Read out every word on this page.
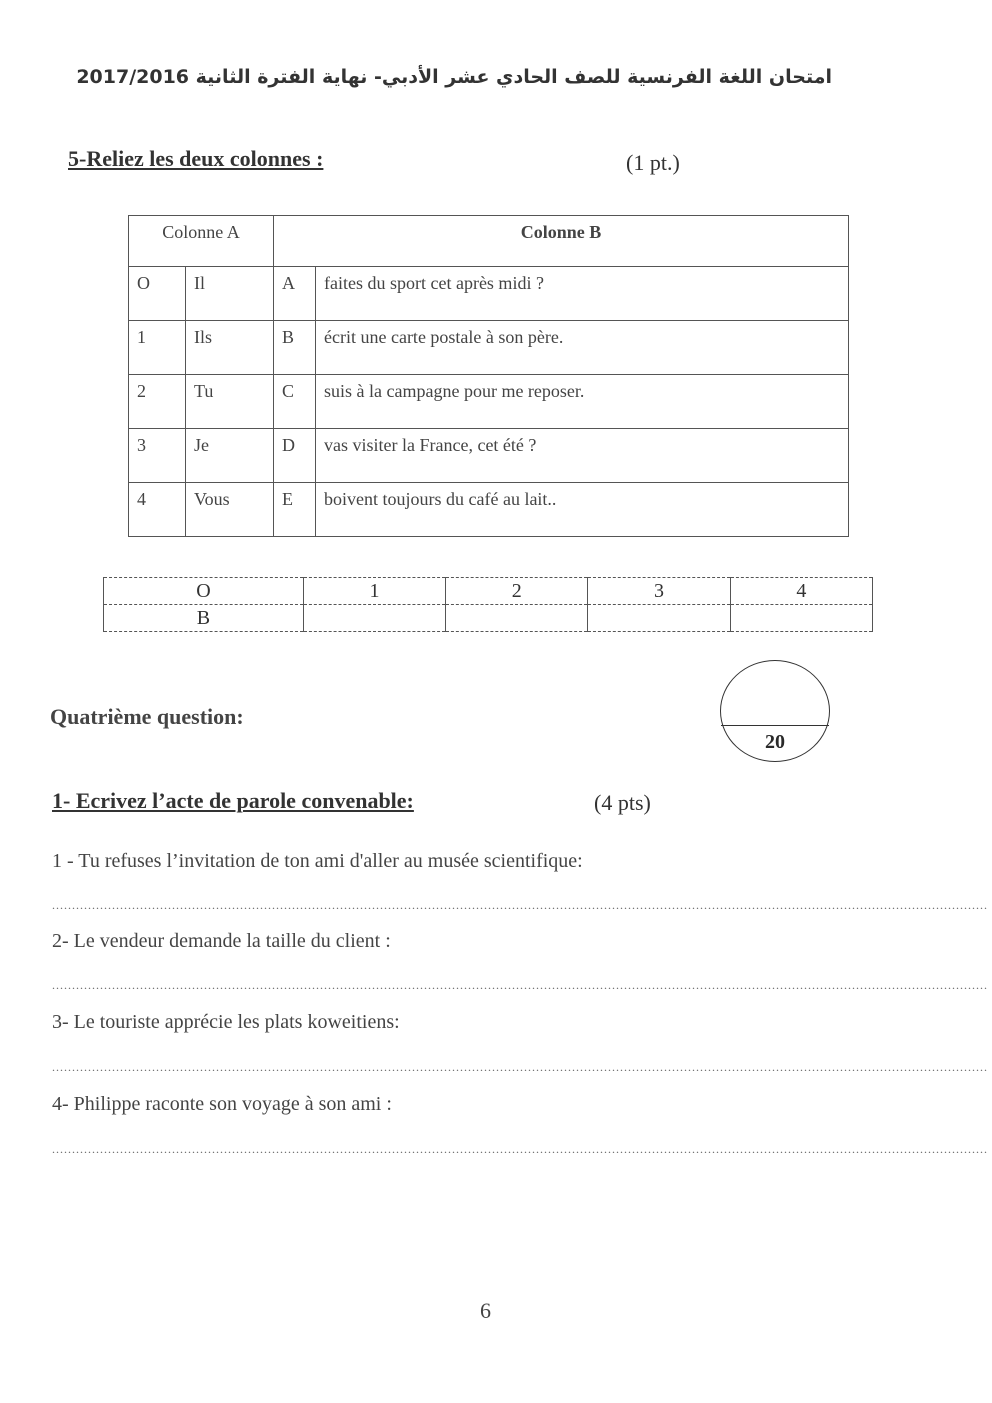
امتحان اللغة الفرنسية للصف الحادي عشر الأدبي- نهاية الفترة الثانية 2017/2016
5-Reliez les deux colonnes :	(1 pt.)
Colonne A		Colonne B	
O	Il	A	faites du sport cet après midi ?
1	Ils	B	écrit une carte postale à son père.
2	Tu	C	suis à la campagne pour me reposer.
3	Je	D	vas visiter la France, cet été ?
4	Vous	E	boivent toujours du café au lait..
O	1	2	3	4
B				
Quatrième question:
20
1- Ecrivez l’acte de parole convenable:	(4 pts)
1 - Tu refuses l’invitation de ton ami d'aller au musée scientifique:
..........................................................................................................................................................................................................................................
2- Le vendeur demande la taille du client :
..........................................................................................................................................................................................................................................
3- Le touriste apprécie les plats koweitiens:
..........................................................................................................................................................................................................................................
4- Philippe raconte son voyage à son ami :
..........................................................................................................................................................................................................................................
6
